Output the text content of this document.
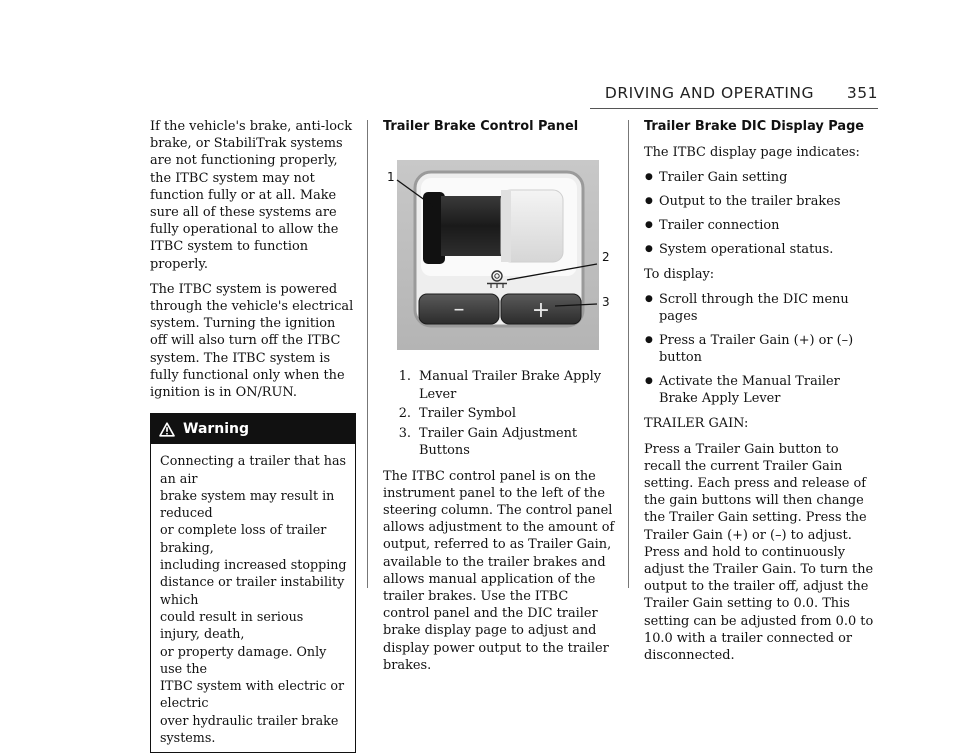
DRIVING AND OPERATING 351

If the vehicle's brake, anti-lock brake, or StabiliTrak systems are not functioning properly, the ITBC system may not function fully or at all. Make sure all of these systems are fully operational to allow the ITBC system to function properly.

The ITBC system is powered through the vehicle's electrical system. Turning the ignition off will also turn off the ITBC system. The ITBC system is fully functional only when the ignition is in ON/RUN.

Warning

Connecting a trailer that has an air

brake system may result in reduced

or complete loss of trailer braking,

including increased stopping

distance or trailer instability which

could result in serious injury, death,

or property damage. Only use the

ITBC system with electric or electric

over hydraulic trailer brake systems.

Trailer Brake Control Panel
–	+
1
2
3
1. Manual Trailer Brake Apply Lever
2. Trailer Symbol
3. Trailer Gain Adjustment Buttons

The ITBC control panel is on the instrument panel to the left of the steering column. The control panel allows adjustment to the amount of output, referred to as Trailer Gain, available to the trailer brakes and allows manual application of the trailer brakes. Use the ITBC control panel and the DIC trailer brake display page to adjust and display power output to the trailer brakes.

Trailer Brake DIC Display Page

The ITBC display page indicates:

● Trailer Gain setting
● Output to the trailer brakes
● Trailer connection
● System operational status.

To display:

● Scroll through the DIC menu pages
● Press a Trailer Gain (+) or (–) button
● Activate the Manual Trailer Brake Apply Lever

TRAILER GAIN:

Press a Trailer Gain button to recall the current Trailer Gain setting. Each press and release of the gain buttons will then change the Trailer Gain setting. Press the Trailer Gain (+) or (–) to adjust. Press and hold to continuously adjust the Trailer Gain. To turn the output to the trailer off, adjust the Trailer Gain setting to 0.0. This setting can be adjusted from 0.0 to 10.0 with a trailer connected or disconnected.
